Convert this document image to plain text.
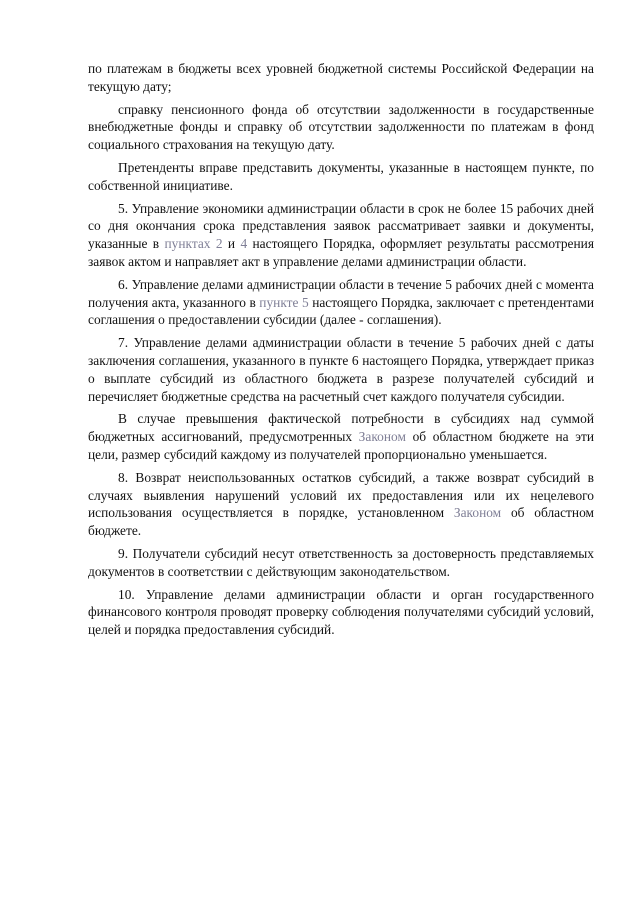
по платежам в бюджеты всех уровней бюджетной системы Российской Федерации на текущую дату;

справку пенсионного фонда об отсутствии задолженности в государственные внебюджетные фонды и справку об отсутствии задолженности по платежам в фонд социального страхования на текущую дату.

Претенденты вправе представить документы, указанные в настоящем пункте, по собственной инициативе.

5. Управление экономики администрации области в срок не более 15 рабочих дней со дня окончания срока представления заявок рассматривает заявки и документы, указанные в пунктах 2 и 4 настоящего Порядка, оформляет результаты рассмотрения заявок актом и направляет акт в управление делами администрации области.

6. Управление делами администрации области в течение 5 рабочих дней с момента получения акта, указанного в пункте 5 настоящего Порядка, заключает с претендентами соглашения о предоставлении субсидии (далее - соглашения).

7. Управление делами администрации области в течение 5 рабочих дней с даты заключения соглашения, указанного в пункте 6 настоящего Порядка, утверждает приказ о выплате субсидий из областного бюджета в разрезе получателей субсидий и перечисляет бюджетные средства на расчетный счет каждого получателя субсидии.

В случае превышения фактической потребности в субсидиях над суммой бюджетных ассигнований, предусмотренных Законом об областном бюджете на эти цели, размер субсидий каждому из получателей пропорционально уменьшается.

8. Возврат неиспользованных остатков субсидий, а также возврат субсидий в случаях выявления нарушений условий их предоставления или их нецелевого использования осуществляется в порядке, установленном Законом об областном бюджете.

9. Получатели субсидий несут ответственность за достоверность представляемых документов в соответствии с действующим законодательством.

10. Управление делами администрации области и орган государственного финансового контроля проводят проверку соблюдения получателями субсидий условий, целей и порядка предоставления субсидий.
